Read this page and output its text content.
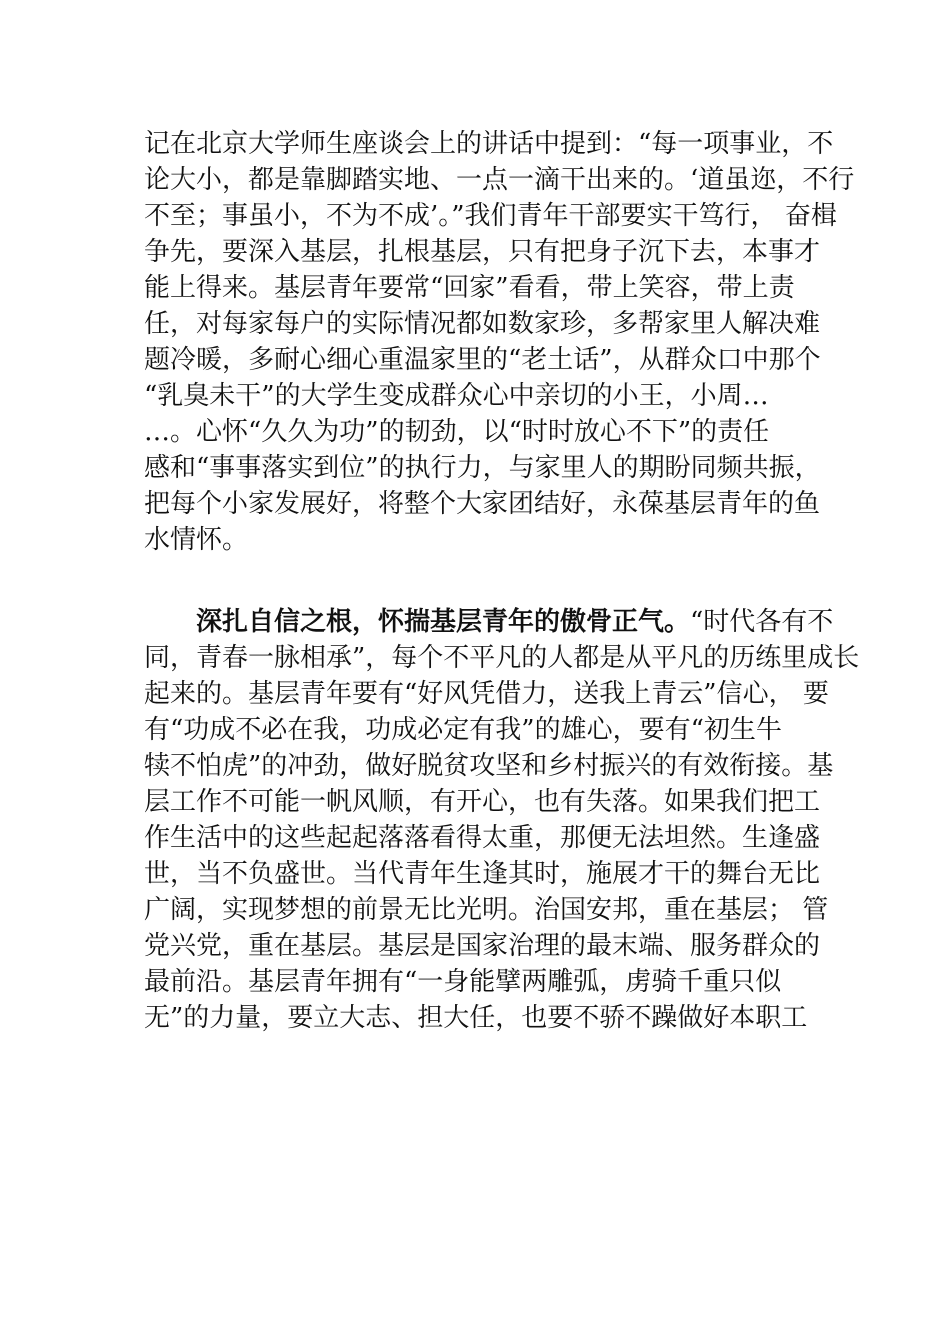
记在北京大学师生座谈会上的讲话中提到：“每一项事业，不
论大小，都是靠脚踏实地、一点一滴干出来的。‘道虽迩，不行
不至；事虽小，不为不成’。”我们青年干部要实干笃行， 奋楫
争先，要深入基层，扎根基层，只有把身子沉下去，本事才
能上得来。基层青年要常“回家”看看，带上笑容，带上责
任，对每家每户的实际情况都如数家珍，多帮家里人解决难
题冷暖，多耐心细心重温家里的“老土话”，从群众口中那个
“乳臭未干”的大学生变成群众心中亲切的小王，小周…
…。心怀“久久为功”的韧劲，以“时时放心不下”的责任
感和“事事落实到位”的执行力，与家里人的期盼同频共振，
把每个小家发展好，将整个大家团结好，永葆基层青年的鱼
水情怀。
深扎自信之根，怀揣基层青年的傲骨正气。“时代各有不
同，青春一脉相承”，每个不平凡的人都是从平凡的历练里成长
起来的。基层青年要有“好风凭借力，送我上青云”信心， 要
有“功成不必在我，功成必定有我”的雄心，要有“初生牛
犊不怕虎”的冲劲，做好脱贫攻坚和乡村振兴的有效衔接。基
层工作不可能一帆风顺，有开心，也有失落。如果我们把工
作生活中的这些起起落落看得太重，那便无法坦然。生逢盛
世，当不负盛世。当代青年生逢其时，施展才干的舞台无比
广阔，实现梦想的前景无比光明。治国安邦，重在基层； 管
党兴党，重在基层。基层是国家治理的最末端、服务群众的
最前沿。基层青年拥有“一身能擘两雕弧，虏骑千重只似
无”的力量，要立大志、担大任，也要不骄不躁做好本职工
